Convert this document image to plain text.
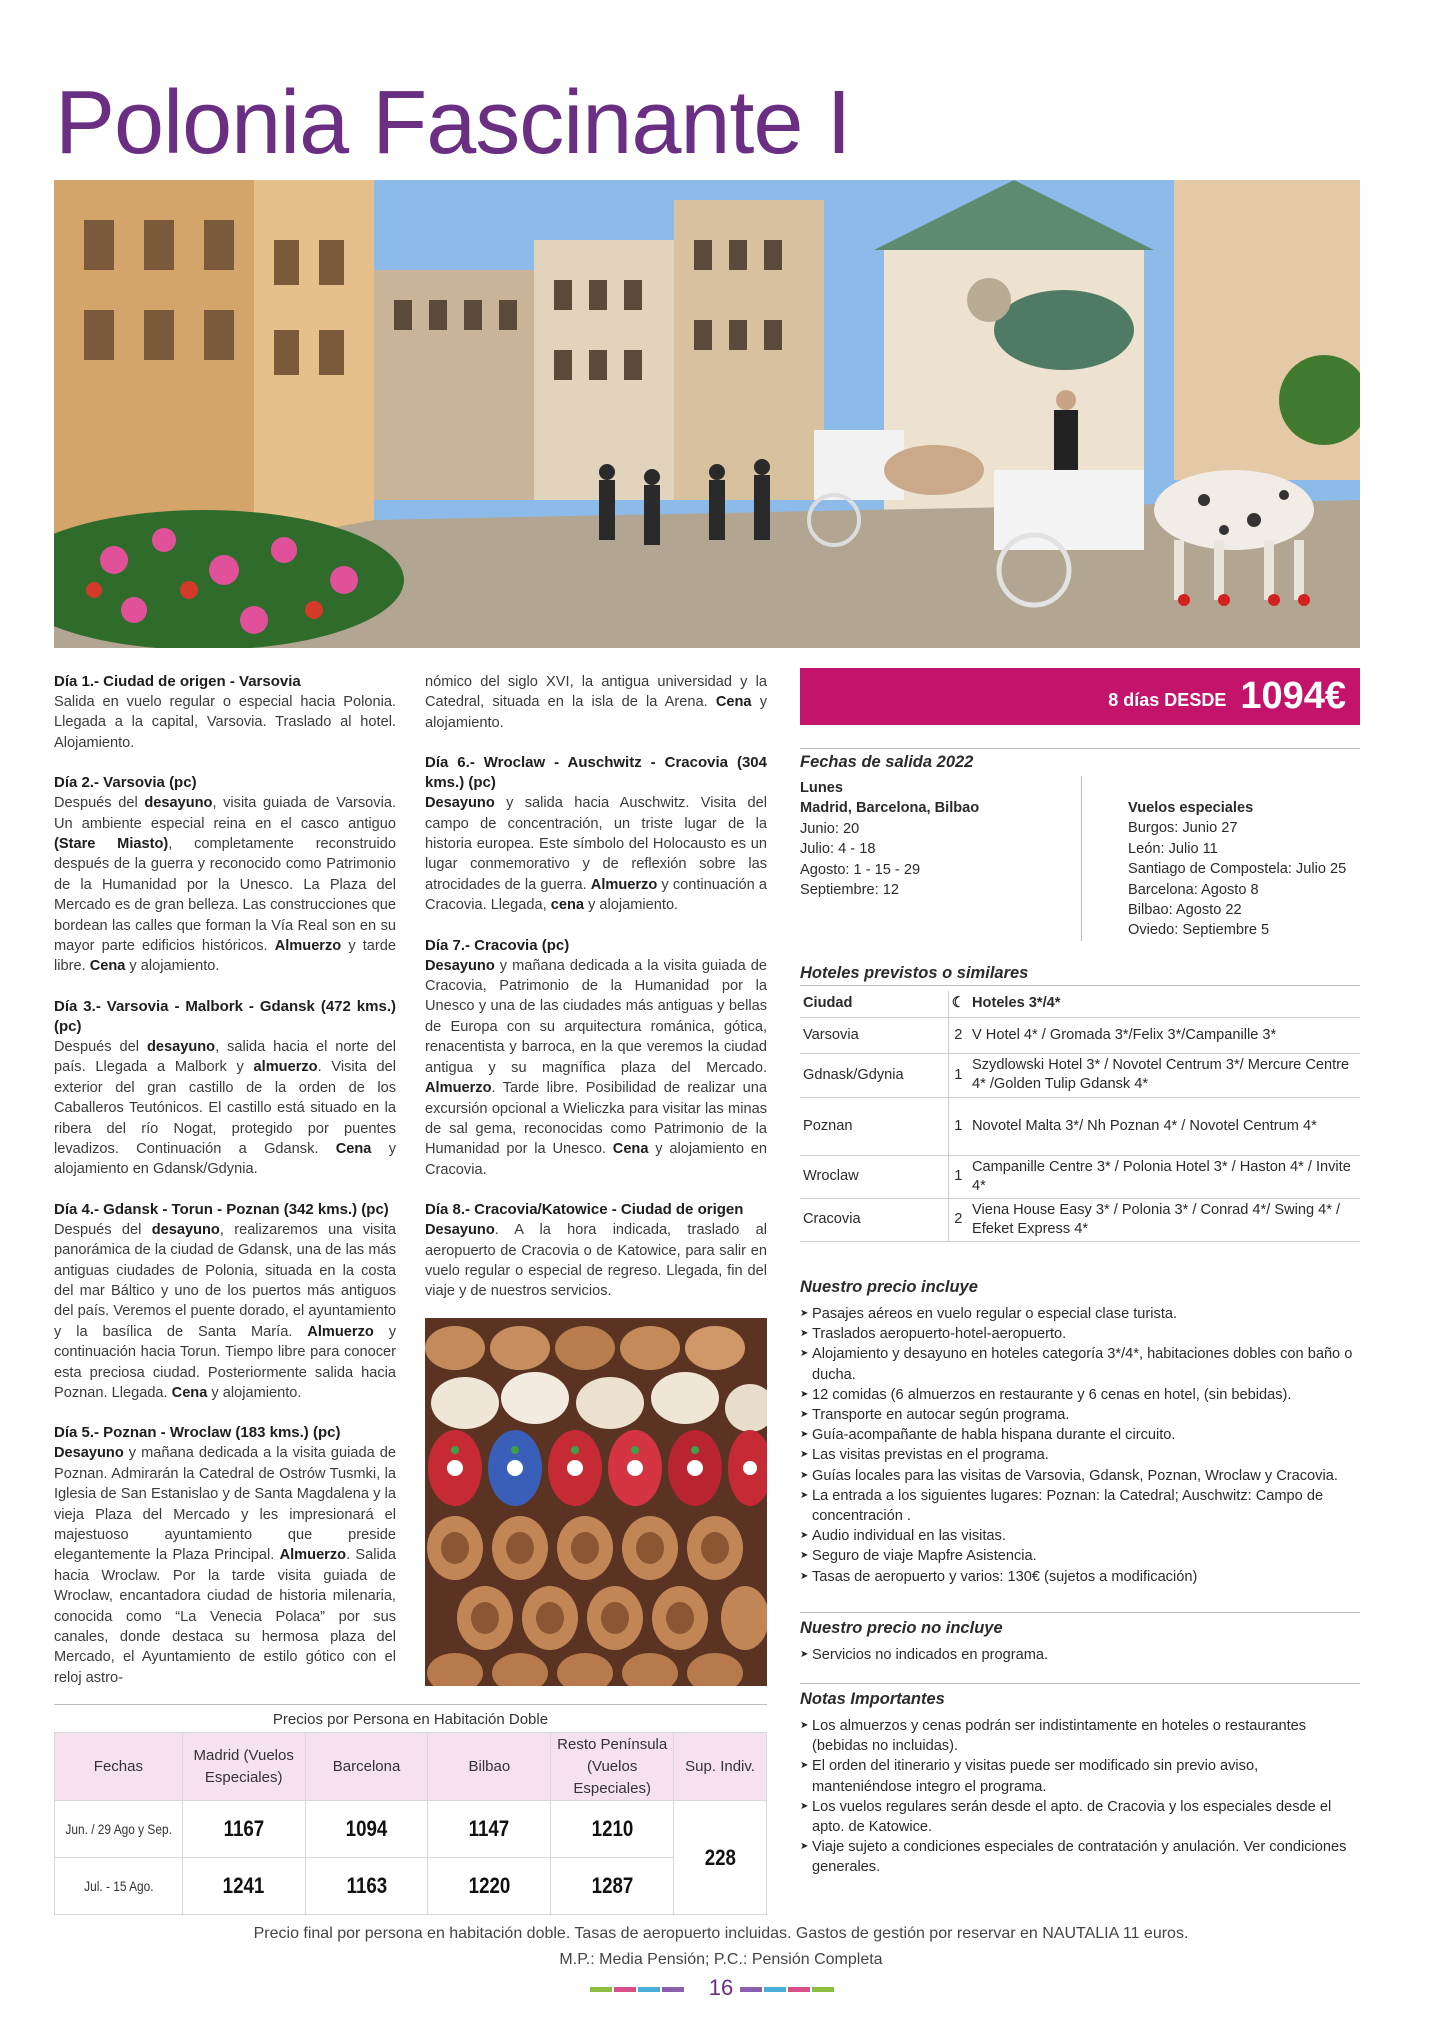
Polonia Fascinante I
Día 1.- Ciudad de origen - Varsovia

Salida en vuelo regular o especial hacia Polonia. Llegada a la capital, Varsovia. Traslado al hotel. Alojamiento.

Día 2.- Varsovia (pc)

Después del desayuno, visita guiada de Varsovia. Un ambiente especial reina en el casco antiguo (Stare Miasto), completamente reconstruido después de la guerra y reconocido como Patrimonio de la Humanidad por la Unesco. La Plaza del Mercado es de gran belleza. Las construcciones que bordean las calles que forman la Vía Real son en su mayor parte edificios históricos. Almuerzo y tarde libre. Cena y alojamiento.

Día 3.- Varsovia - Malbork - Gdansk (472 kms.) (pc)

Después del desayuno, salida hacia el norte del país. Llegada a Malbork y almuerzo. Visita del exterior del gran castillo de la orden de los Caballeros Teutónicos. El castillo está situado en la ribera del río Nogat, protegido por puentes levadizos. Continuación a Gdansk. Cena y alojamiento en Gdansk/Gdynia.

Día 4.- Gdansk - Torun - Poznan (342 kms.) (pc)

Después del desayuno, realizaremos una visita panorámica de la ciudad de Gdansk, una de las más antiguas ciudades de Polonia, situada en la costa del mar Báltico y uno de los puertos más antiguos del país. Veremos el puente dorado, el ayuntamiento y la basílica de Santa María. Almuerzo y continuación hacia Torun. Tiempo libre para conocer esta preciosa ciudad. Posteriormente salida hacia Poznan. Llegada. Cena y alojamiento.

Día 5.- Poznan - Wroclaw (183 kms.) (pc)

Desayuno y mañana dedicada a la visita guiada de Poznan. Admirarán la Catedral de Ostrów Tusmki, la Iglesia de San Estanislao y de Santa Magdalena y la vieja Plaza del Mercado y les impresionará el majestuoso ayuntamiento que preside elegantemente la Plaza Principal. Almuerzo. Salida hacia Wroclaw. Por la tarde visita guiada de Wroclaw, encantadora ciudad de historia milenaria, conocida como “La Venecia Polaca” por sus canales, donde destaca su hermosa plaza del Mercado, el Ayuntamiento de estilo gótico con el reloj astro-

nómico del siglo XVI, la antigua universidad y la Catedral, situada en la isla de la Arena. Cena y alojamiento.

Día 6.- Wroclaw - Auschwitz - Cracovia (304 kms.) (pc)

Desayuno y salida hacia Auschwitz. Visita del campo de concentración, un triste lugar de la historia europea. Este símbolo del Holocausto es un lugar conmemorativo y de reflexión sobre las atrocidades de la guerra. Almuerzo y continuación a Cracovia. Llegada, cena y alojamiento.

Día 7.- Cracovia (pc)

Desayuno y mañana dedicada a la visita guiada de Cracovia, Patrimonio de la Humanidad por la Unesco y una de las ciudades más antiguas y bellas de Europa con su arquitectura románica, gótica, renacentista y barroca, en la que veremos la ciudad antigua y su magnífica plaza del Mercado. Almuerzo. Tarde libre. Posibilidad de realizar una excursión opcional a Wieliczka para visitar las minas de sal gema, reconocidas como Patrimonio de la Humanidad por la Unesco. Cena y alojamiento en Cracovia.

Día 8.- Cracovia/Katowice - Ciudad de origen

Desayuno. A la hora indicada, traslado al aeropuerto de Cracovia o de Katowice, para salir en vuelo regular o especial de regreso. Llegada, fin del viaje y de nuestros servicios.

8 días DESDE 1094€
Fechas de salida 2022
Lunes
Madrid, Barcelona, Bilbao
Junio: 20
Julio: 4 - 18
Agosto: 1 - 15 - 29
Septiembre: 12
Vuelos especiales
Burgos: Junio 27
León: Julio 11
Santiago de Compostela: Julio 25
Barcelona: Agosto 8
Bilbao: Agosto 22
Oviedo: Septiembre 5
Hoteles previstos o similares
Ciudad	☾	Hoteles 3*/4*
Varsovia	2	V Hotel 4* / Gromada 3*/Felix 3*/Campanille 3*
Gdnask/Gdynia	1	Szydlowski Hotel 3* / Novotel Centrum 3*/ Mercure Centre 4* /Golden Tulip Gdansk 4*
Poznan	1	Novotel Malta 3*/ Nh Poznan 4* / Novotel Centrum 4*
Wroclaw	1	Campanille Centre 3* / Polonia Hotel 3* / Haston 4* / Invite 4*
Cracovia	2	Viena House Easy 3* / Polonia 3* / Conrad 4*/ Swing 4* / Efeket Express 4*
Nuestro precio incluye
➤ Pasajes aéreos en vuelo regular o especial clase turista.
➤ Traslados aeropuerto-hotel-aeropuerto.
➤ Alojamiento y desayuno en hoteles categoría 3*/4*, habitaciones dobles con baño o ducha.
➤ 12 comidas (6 almuerzos en restaurante y 6 cenas en hotel, (sin bebidas).
➤ Transporte en autocar según programa.
➤ Guía-acompañante de habla hispana durante el circuito.
➤ Las visitas previstas en el programa.
➤ Guías locales para las visitas de Varsovia, Gdansk, Poznan, Wroclaw y Cracovia.
➤ La entrada a los siguientes lugares: Poznan: la Catedral; Auschwitz: Campo de concentración .
➤ Audio individual en las visitas.
➤ Seguro de viaje Mapfre Asistencia.
➤ Tasas de aeropuerto y varios: 130€ (sujetos a modificación)
Nuestro precio no incluye
➤ Servicios no indicados en programa.
Notas Importantes
➤ Los almuerzos y cenas podrán ser indistintamente en hoteles o restaurantes (bebidas no incluidas).
➤ El orden del itinerario y visitas puede ser modificado sin previo aviso, manteniéndose integro el programa.
➤ Los vuelos regulares serán desde el apto. de Cracovia y los especiales desde el apto. de Katowice.
➤ Viaje sujeto a condiciones especiales de contratación y anulación. Ver condiciones generales.
Precios por Persona en Habitación Doble
Fechas	Madrid (Vuelos Especiales)	Barcelona	Bilbao	Resto Península (Vuelos Especiales)	Sup. Indiv.
Jun. / 29 Ago y Sep.	1167	1094	1147	1210	228
Jul. - 15 Ago.	1241	1163	1220	1287	
Precio final por persona en habitación doble. Tasas de aeropuerto incluidas. Gastos de gestión por reservar en NAUTALIA 11 euros.
M.P.: Media Pensión; P.C.: Pensión Completa
16
